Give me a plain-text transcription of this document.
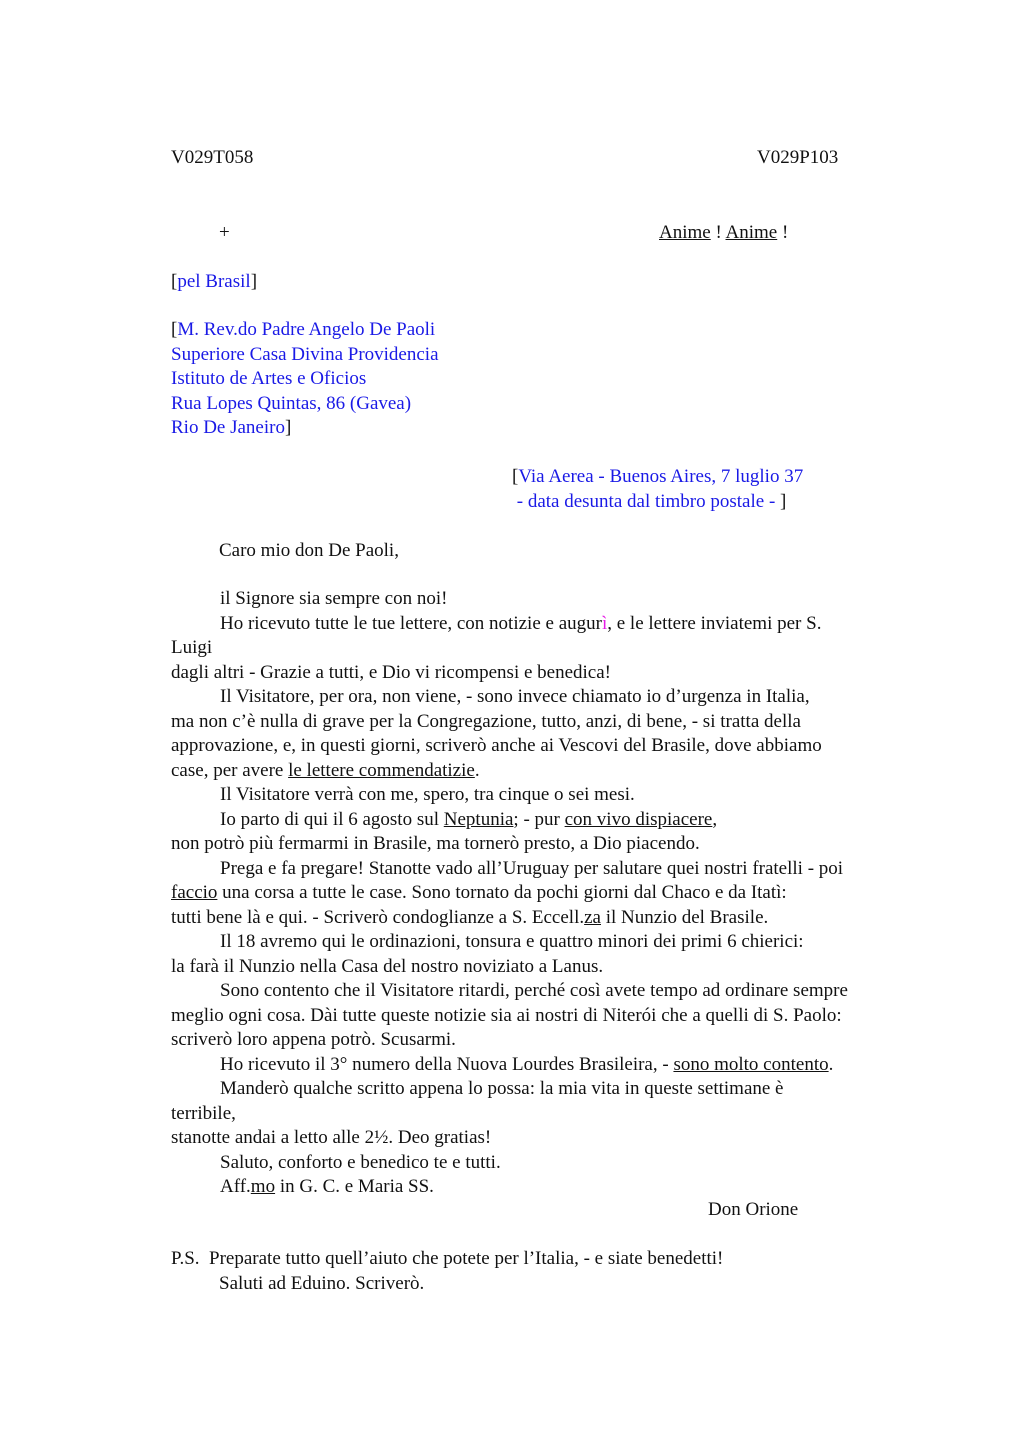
V029T058	V029P103
+	Anime ! Anime !
[pel Brasil]
[M. Rev.do Padre Angelo De Paoli
Superiore Casa Divina Providencia
Istituto de Artes e Oficios
Rua Lopes Quintas, 86 (Gavea)
Rio De Janeiro]
[Via Aerea - Buenos Aires, 7 luglio 37
- data desunta dal timbro postale - ]
Caro mio don De Paoli,
il Signore sia sempre con noi!
Ho ricevuto tutte le tue lettere, con notizie e augurì, e le lettere inviatemi per S.
Luigi
dagli altri - Grazie a tutti, e Dio vi ricompensi e benedica!
Il Visitatore, per ora, non viene, - sono invece chiamato io d’urgenza in Italia,
ma non c’è nulla di grave per la Congregazione, tutto, anzi, di bene, - si tratta della
approvazione, e, in questi giorni, scriverò anche ai Vescovi del Brasile, dove abbiamo
case, per avere le lettere commendatizie.
Il Visitatore verrà con me, spero, tra cinque o sei mesi.
Io parto di qui il 6 agosto sul Neptunia; - pur con vivo dispiacere,
non potrò più fermarmi in Brasile, ma tornerò presto, a Dio piacendo.
Prega e fa pregare! Stanotte vado all’Uruguay per salutare quei nostri fratelli - poi
faccio una corsa a tutte le case. Sono tornato da pochi giorni dal Chaco e da Itatì:
tutti bene là e qui. - Scriverò condoglianze a S. Eccell.za il Nunzio del Brasile.
Il 18 avremo qui le ordinazioni, tonsura e quattro minori dei primi 6 chierici:
la farà il Nunzio nella Casa del nostro noviziato a Lanus.
Sono contento che il Visitatore ritardi, perché così avete tempo ad ordinare sempre
meglio ogni cosa. Dài tutte queste notizie sia ai nostri di Niterói che a quelli di S. Paolo:
scriverò loro appena potrò. Scusarmi.
Ho ricevuto il 3° numero della Nuova Lourdes Brasileira, - sono molto contento.
Manderò qualche scritto appena lo possa: la mia vita in queste settimane è
terribile,
stanotte andai a letto alle 2½. Deo gratias!
Saluto, conforto e benedico te e tutti.
Aff.mo in G. C. e Maria SS.
Don Orione
P.S.  Preparate tutto quell’aiuto che potete per l’Italia, - e siate benedetti!
Saluti ad Eduino. Scriverò.
